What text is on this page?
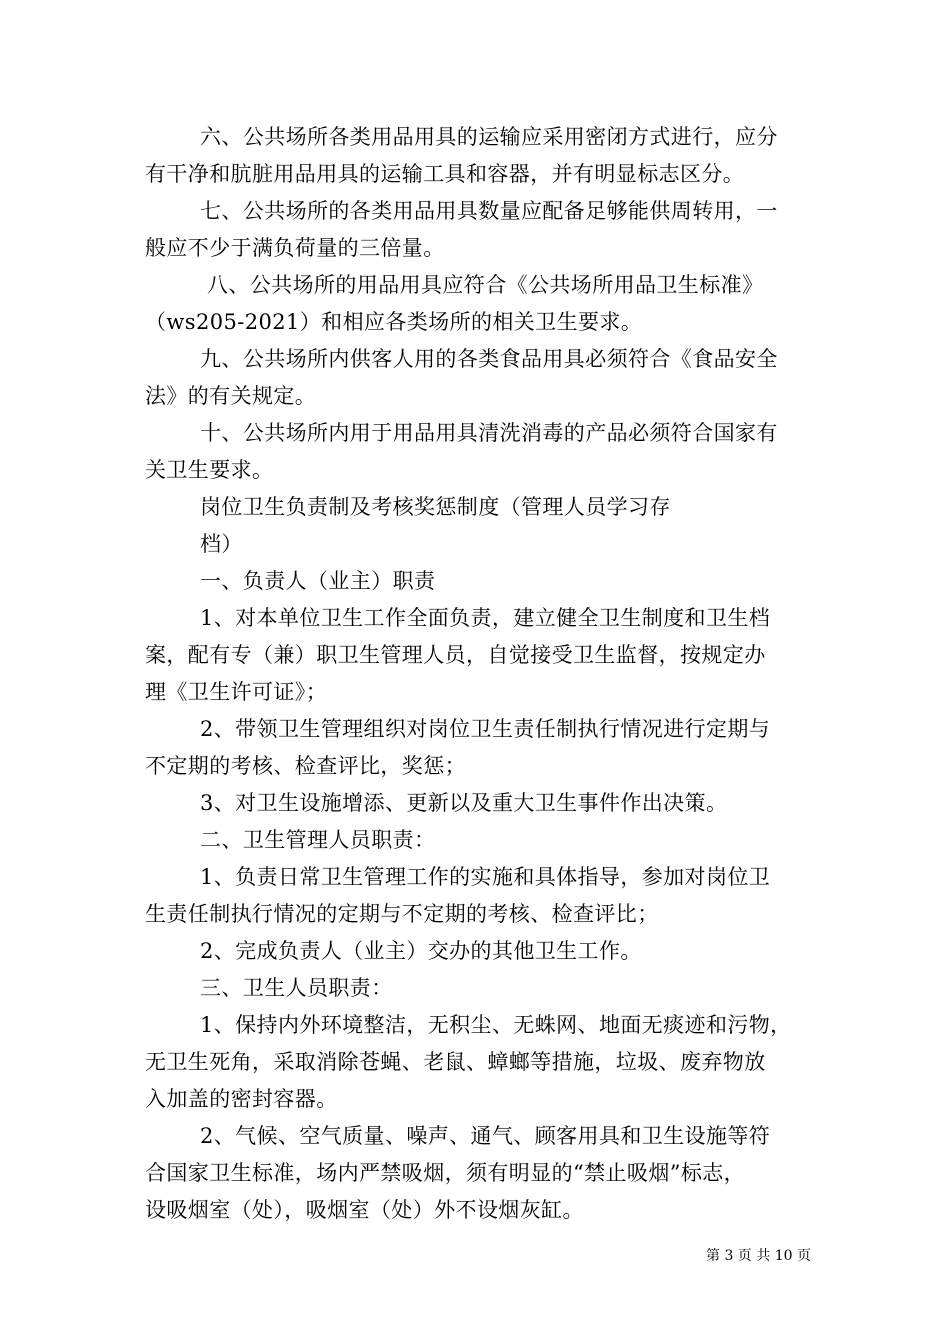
六、公共场所各类用品用具的运输应采用密闭方式进行，应分
有干净和肮脏用品用具的运输工具和容器，并有明显标志区分。
七、公共场所的各类用品用具数量应配备足够能供周转用，一
般应不少于满负荷量的三倍量。
八、公共场所的用品用具应符合《公共场所用品卫生标准》
（ws205-2021）和相应各类场所的相关卫生要求。
九、公共场所内供客人用的各类食品用具必须符合《食品安全
法》的有关规定。
十、公共场所内用于用品用具清洗消毒的产品必须符合国家有
关卫生要求。
岗位卫生负责制及考核奖惩制度（管理人员学习存
档）
一、负责人（业主）职责
1、对本单位卫生工作全面负责，建立健全卫生制度和卫生档
案，配有专（兼）职卫生管理人员，自觉接受卫生监督，按规定办
理《卫生许可证》；
2、带领卫生管理组织对岗位卫生责任制执行情况进行定期与
不定期的考核、检查评比，奖惩；
3、对卫生设施增添、更新以及重大卫生事件作出决策。
二、卫生管理人员职责：
1、负责日常卫生管理工作的实施和具体指导，参加对岗位卫
生责任制执行情况的定期与不定期的考核、检查评比；
2、完成负责人（业主）交办的其他卫生工作。
三、卫生人员职责：
1、保持内外环境整洁，无积尘、无蛛网、地面无痰迹和污物，
无卫生死角，采取消除苍蝇、老鼠、蟑螂等措施，垃圾、废弃物放
入加盖的密封容器。
2、气候、空气质量、噪声、通气、顾客用具和卫生设施等符
合国家卫生标准，场内严禁吸烟，须有明显的“禁止吸烟”标志，
设吸烟室（处），吸烟室（处）外不设烟灰缸。
第 3 页 共 10 页
